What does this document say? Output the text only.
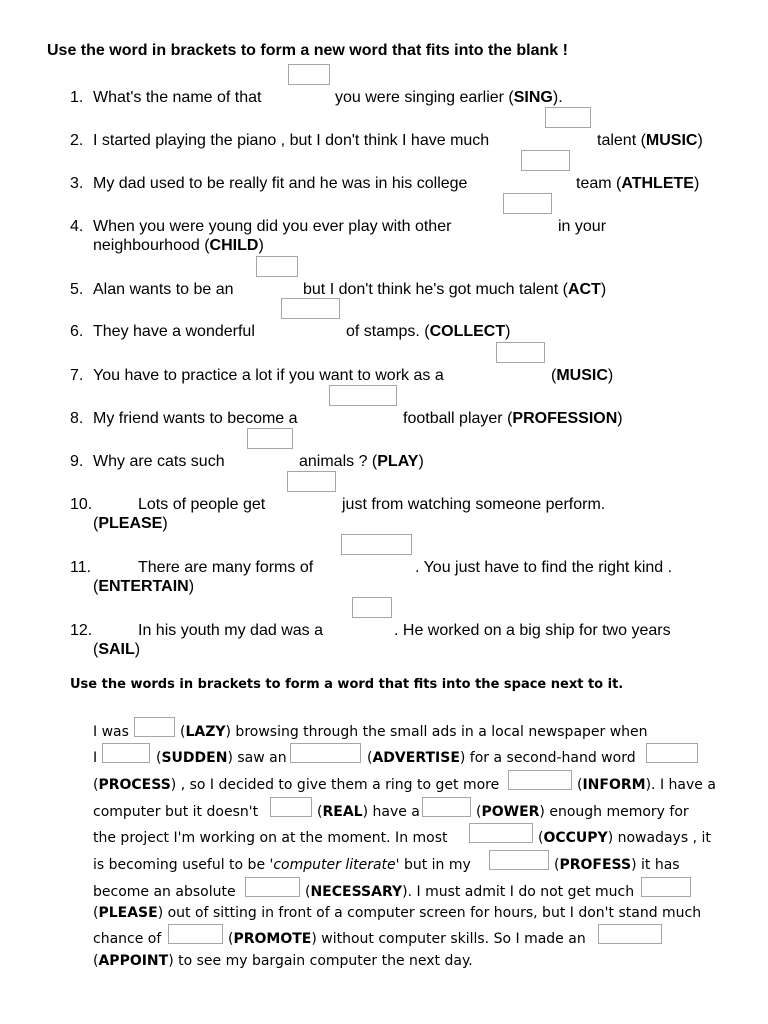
Use the word in brackets to form a new word that fits into the blank !
1. What's the name of that	you were singing earlier (SING).
2. I started playing the piano , but I don't think I have much	talent (MUSIC)
3. My dad used to be really fit and he was in his college	team (ATHLETE)
4. When you were young did you ever play with other	in your
neighbourhood (CHILD)
5. Alan wants to be an	but I don't think he's got much talent (ACT)
6. They have a wonderful	of stamps. (COLLECT)
7. You have to practice a lot if you want to work as a	(MUSIC)
8. My friend wants to become a	football player (PROFESSION)
9. Why are cats such	animals ? (PLAY)
10.	Lots of people get	just from watching someone perform.
(PLEASE)
11.	There are many forms of	. You just have to find the right kind .
(ENTERTAIN)
12.	In his youth my dad was a	. He worked on a big ship for two years
(SAIL)
Use the words in brackets to form a word that fits into the space next to it.
I was	(LAZY) browsing through the small ads in a local newspaper when
I	(SUDDEN) saw an	(ADVERTISE) for a second-hand word
(PROCESS) , so I decided to give them a ring to get more	(INFORM). I have a
computer but it doesn't	(REAL) have a	(POWER) enough memory for
the project I'm working on at the moment. In most	(OCCUPY) nowadays , it
is becoming useful to be 'computer literate' but in my	(PROFESS) it has
become an absolute	(NECESSARY). I must admit I do not get much
(PLEASE) out of sitting in front of a computer screen for hours, but I don't stand much
chance of	(PROMOTE) without computer skills. So I made an
(APPOINT) to see my bargain computer the next day.
